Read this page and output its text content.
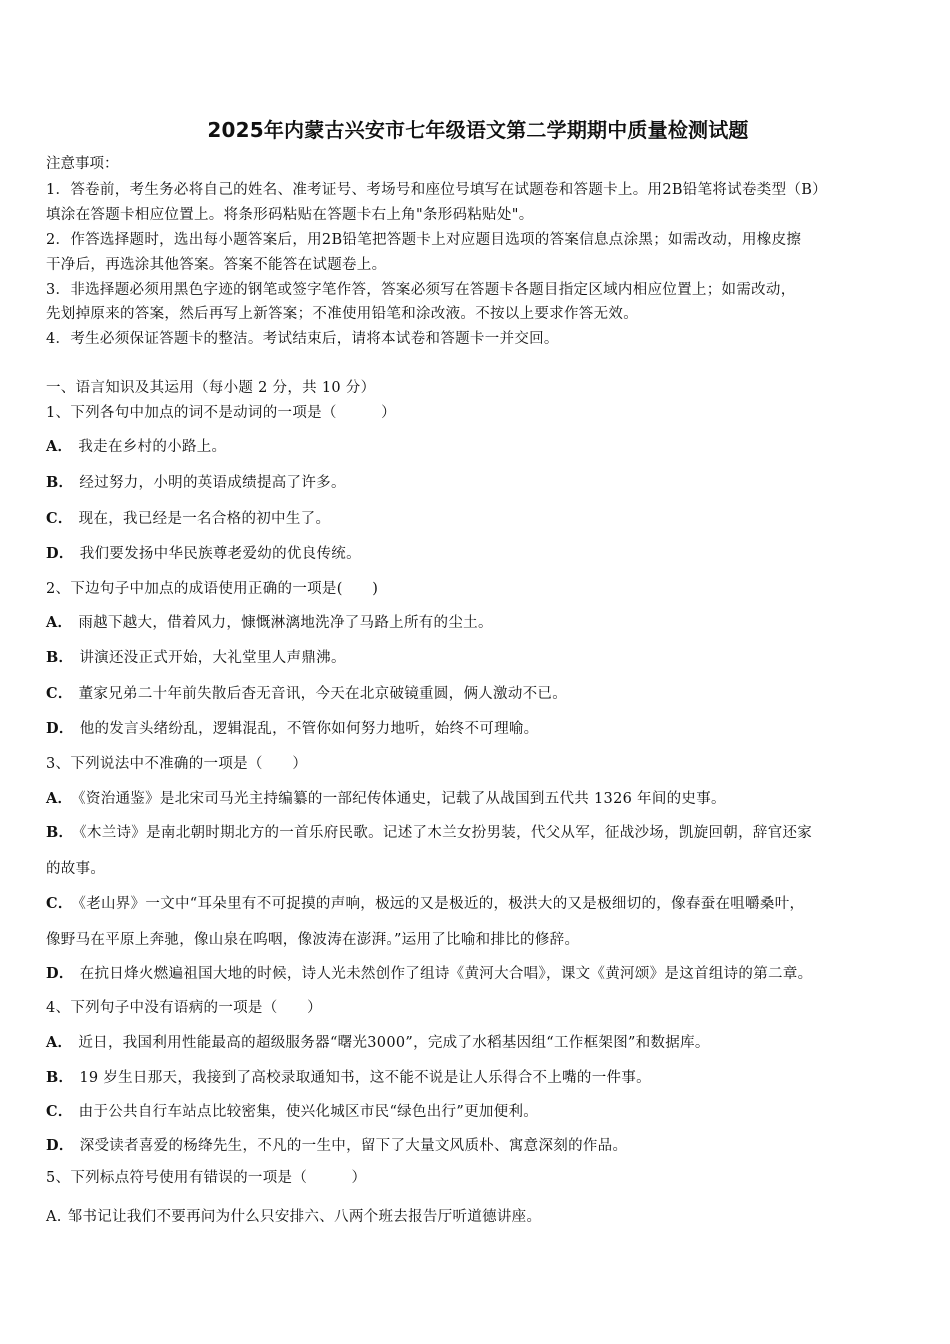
2025年内蒙古兴安市七年级语文第二学期期中质量检测试题
注意事项：
1．答卷前，考生务必将自己的姓名、准考证号、考场号和座位号填写在试题卷和答题卡上。用2B铅笔将试卷类型（B）
填涂在答题卡相应位置上。将条形码粘贴在答题卡右上角"条形码粘贴处"。
2．作答选择题时，选出每小题答案后，用2B铅笔把答题卡上对应题目选项的答案信息点涂黑；如需改动，用橡皮擦
干净后，再选涂其他答案。答案不能答在试题卷上。
3．非选择题必须用黑色字迹的钢笔或签字笔作答，答案必须写在答题卡各题目指定区域内相应位置上；如需改动，
先划掉原来的答案，然后再写上新答案；不准使用铅笔和涂改液。不按以上要求作答无效。
4．考生必须保证答题卡的整洁。考试结束后，请将本试卷和答题卡一并交回。
一、语言知识及其运用（每小题 2 分，共 10 分）
1、下列各句中加点的词不是动词的一项是（　　　）
A． 我走在乡村的小路上。
B． 经过努力，小明的英语成绩提高了许多。
C． 现在，我已经是一名合格的初中生了。
D． 我们要发扬中华民族尊老爱幼的优良传统。
2、下边句子中加点的成语使用正确的一项是(　　)
A． 雨越下越大，借着风力，慷慨淋漓地洗净了马路上所有的尘土。
B． 讲演还没正式开始，大礼堂里人声鼎沸。
C． 董家兄弟二十年前失散后杳无音讯，今天在北京破镜重圆，俩人激动不已。
D． 他的发言头绪纷乱，逻辑混乱，不管你如何努力地听，始终不可理喻。
3、下列说法中不准确的一项是（　　）
A． 《资治通鉴》是北宋司马光主持编纂的一部纪传体通史，记载了从战国到五代共 1326 年间的史事。
B． 《木兰诗》是南北朝时期北方的一首乐府民歌。记述了木兰女扮男装，代父从军，征战沙场，凯旋回朝，辞官还家
的故事。
C． 《老山界》一文中“耳朵里有不可捉摸的声响，极远的又是极近的，极洪大的又是极细切的，像春蚕在咀嚼桑叶，
像野马在平原上奔驰，像山泉在呜咽，像波涛在澎湃。”运用了比喻和排比的修辞。
D． 在抗日烽火燃遍祖国大地的时候，诗人光未然创作了组诗《黄河大合唱》，课文《黄河颂》是这首组诗的第二章。
4、下列句子中没有语病的一项是（　　）
A． 近日，我国利用性能最高的超级服务器“曙光3000”，完成了水稻基因组“工作框架图”和数据库。
B． 19 岁生日那天，我接到了高校录取通知书，这不能不说是让人乐得合不上嘴的一件事。
C． 由于公共自行车站点比较密集，使兴化城区市民“绿色出行”更加便利。
D． 深受读者喜爱的杨绛先生，不凡的一生中，留下了大量文风质朴、寓意深刻的作品。
5、下列标点符号使用有错误的一项是（　　　）
A. 邹书记让我们不要再问为什么只安排六、八两个班去报告厅听道德讲座。
